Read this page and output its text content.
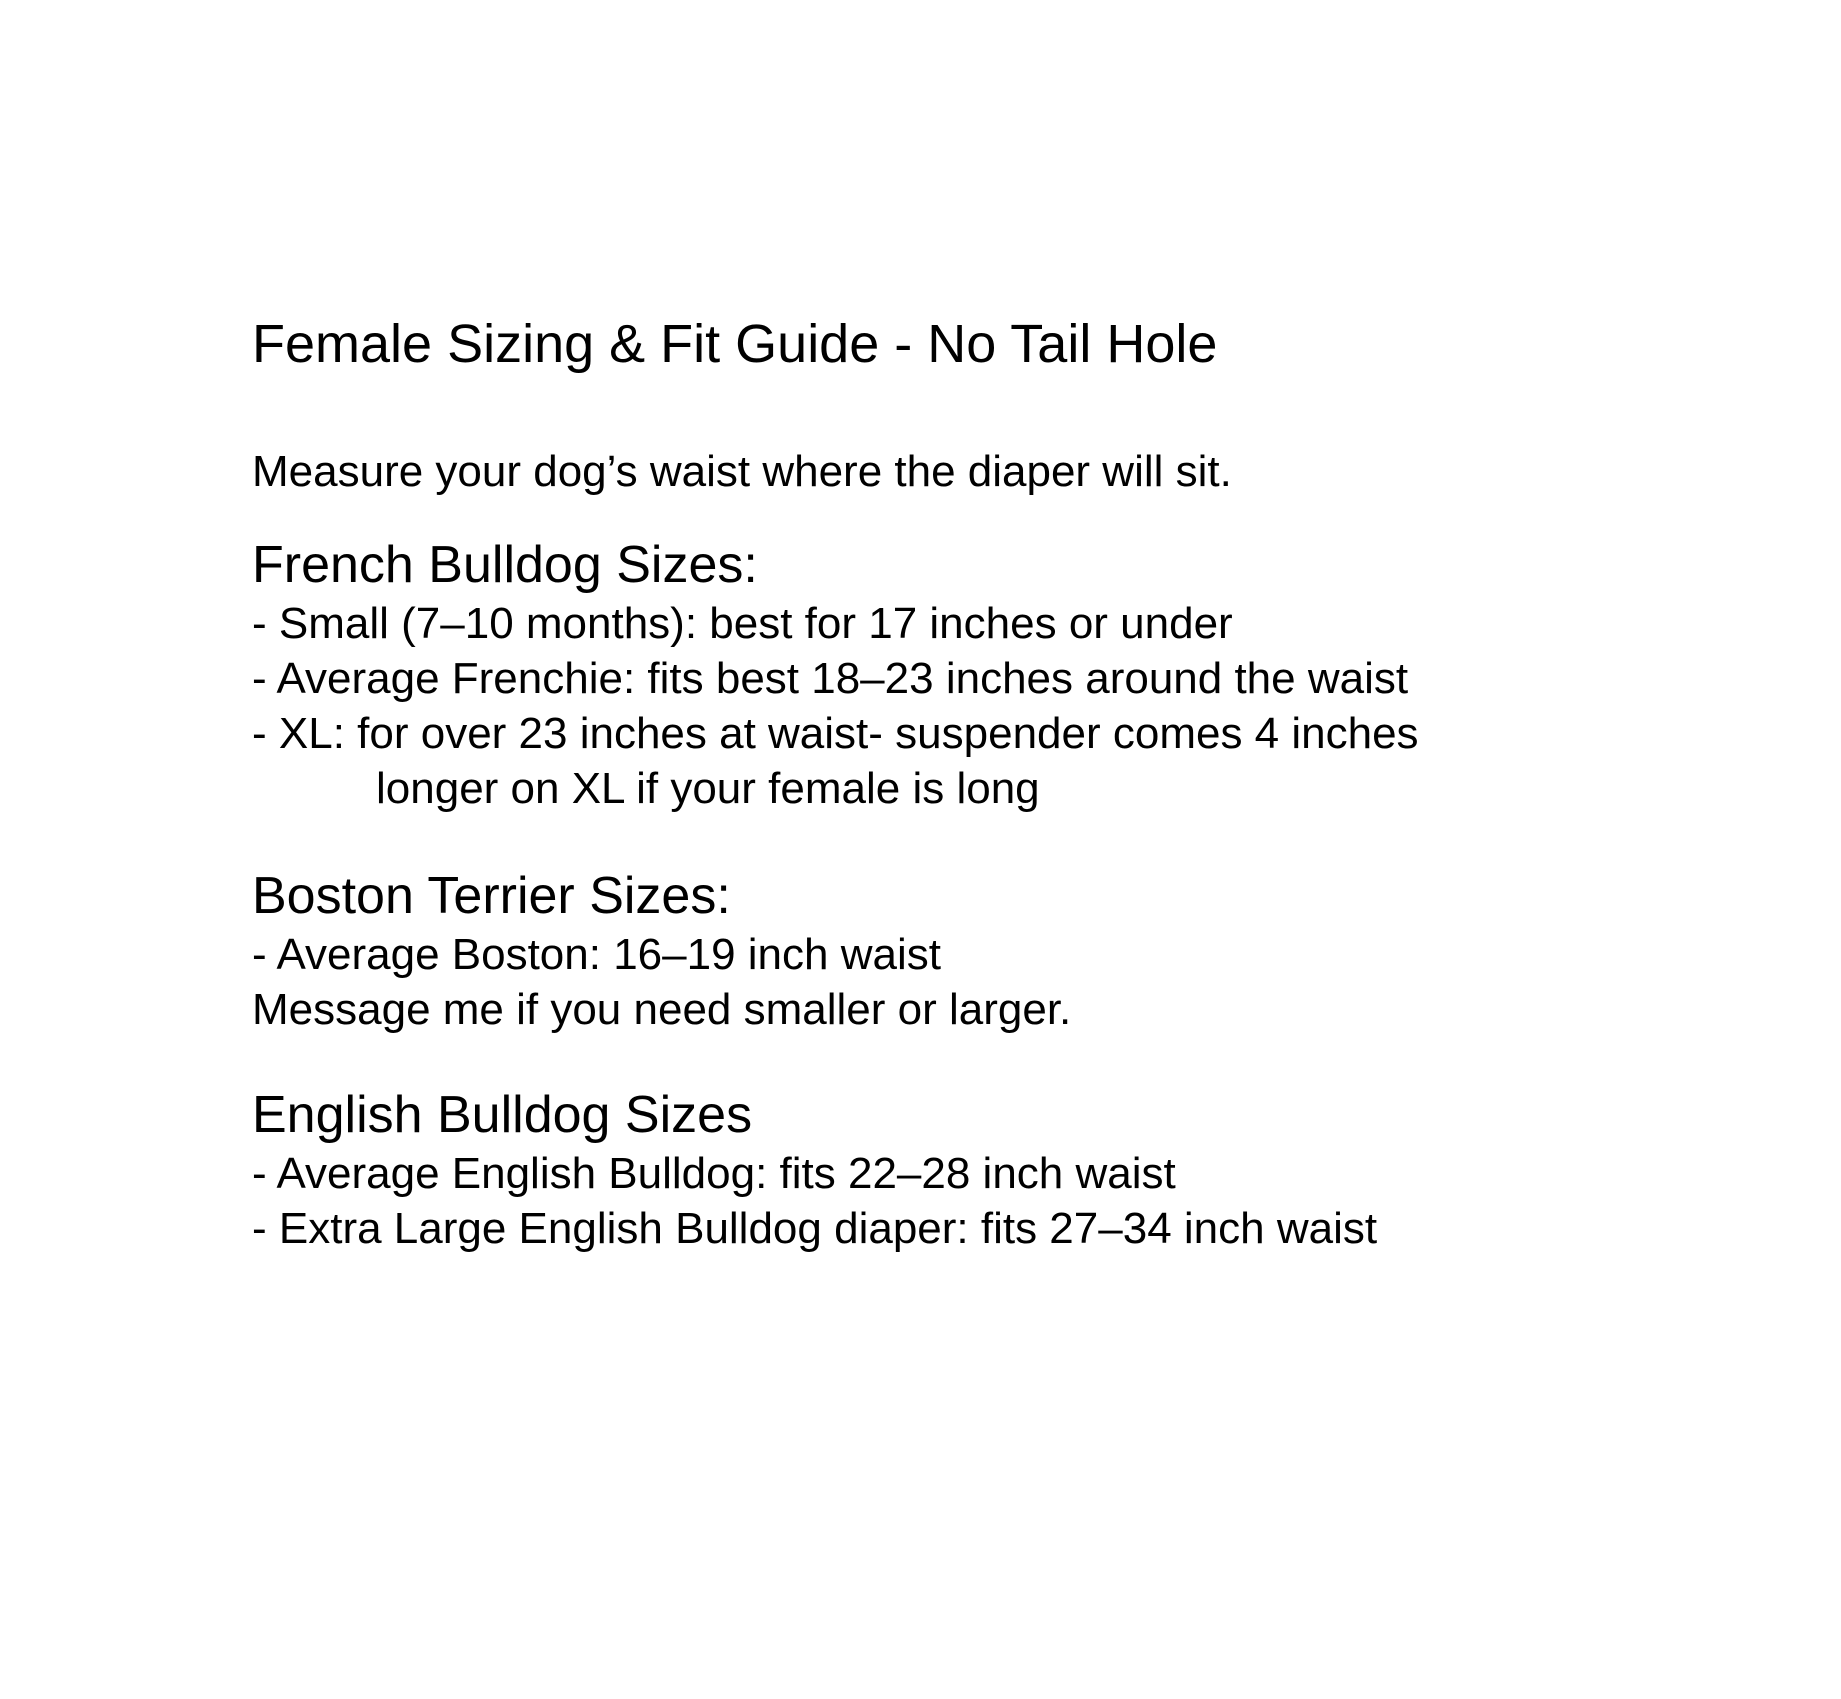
Female Sizing & Fit Guide - No Tail Hole

Measure your dog’s waist where the diaper will sit.

French Bulldog Sizes:

- Small (7–10 months): best for 17 inches or under

- Average Frenchie: fits best 18–23 inches around the waist

- XL: for over 23 inches at waist- suspender comes 4 inches

longer on XL if your female is long

Boston Terrier Sizes:

- Average Boston: 16–19 inch waist

Message me if you need smaller or larger.

English Bulldog Sizes

- Average English Bulldog: fits 22–28 inch waist

- Extra Large English Bulldog diaper: fits 27–34 inch waist
